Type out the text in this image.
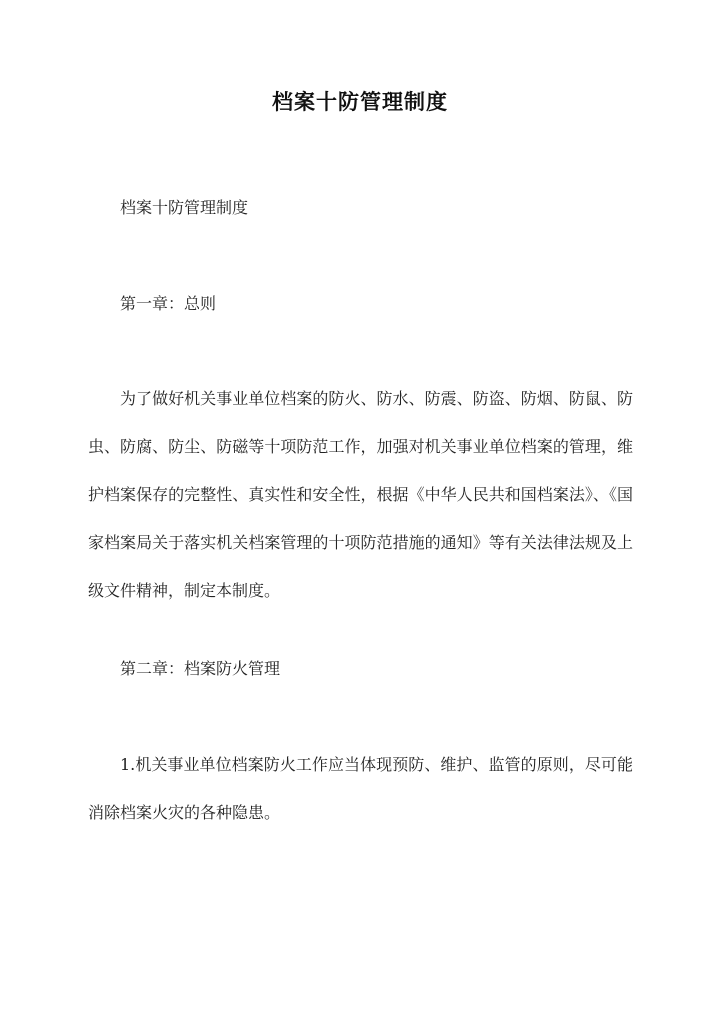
档案十防管理制度
档案十防管理制度
第一章：总则
为了做好机关事业单位档案的防火、防水、防震、防盗、防烟、防鼠、防虫、防腐、防尘、防磁等十项防范工作，加强对机关事业单位档案的管理，维护档案保存的完整性、真实性和安全性，根据《中华人民共和国档案法》、《国家档案局关于落实机关档案管理的十项防范措施的通知》等有关法律法规及上级文件精神，制定本制度。
第二章：档案防火管理
1.机关事业单位档案防火工作应当体现预防、维护、监管的原则，尽可能消除档案火灾的各种隐患。
